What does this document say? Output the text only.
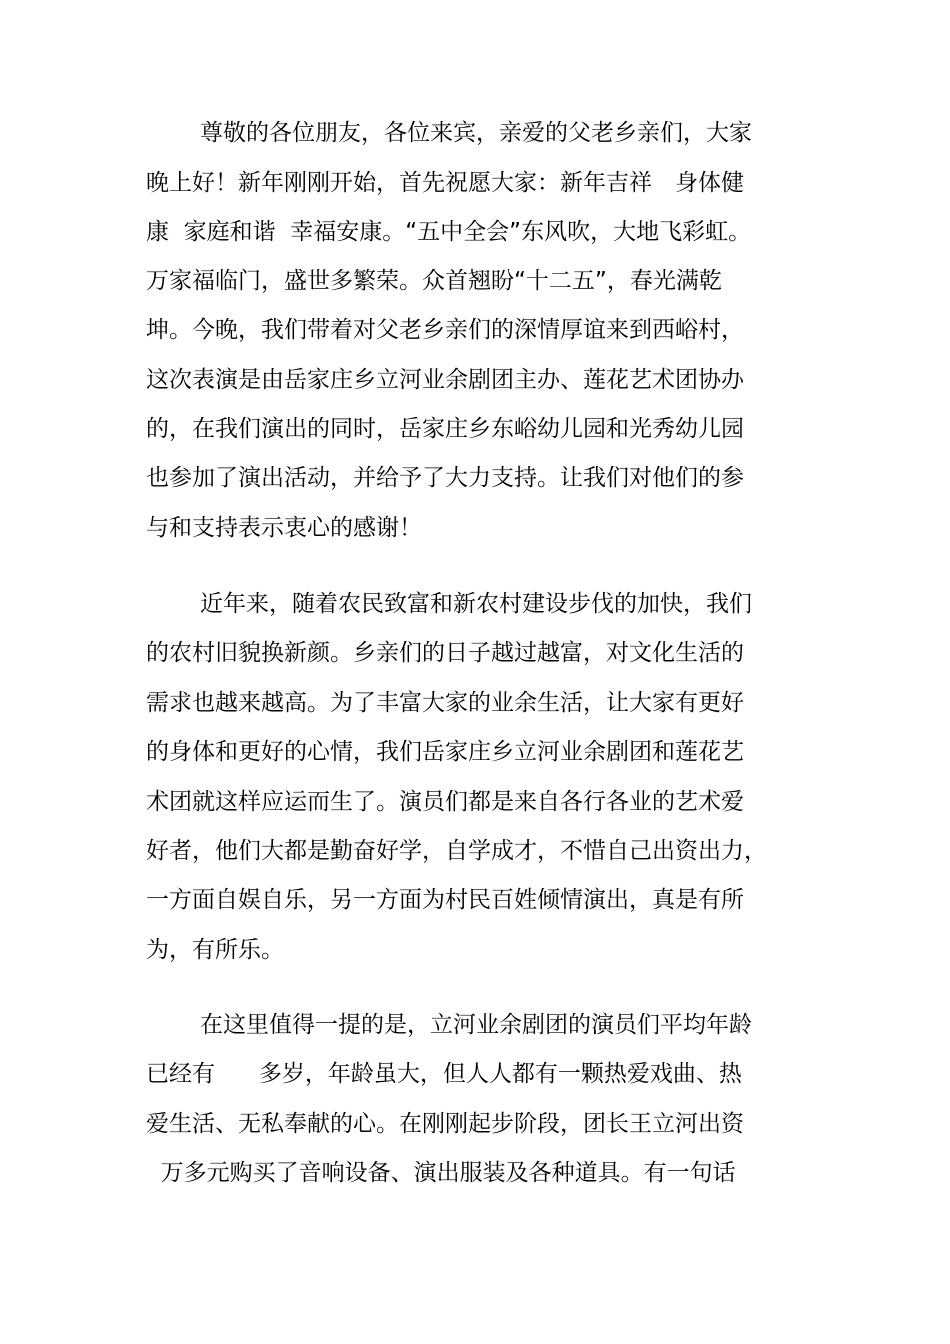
尊敬的各位朋友，各位来宾，亲爱的父老乡亲们，大家
晚上好！新年刚刚开始，首先祝愿大家：新年吉祥　身体健
康  家庭和谐  幸福安康。“五中全会”东风吹，大地飞彩虹。
万家福临门，盛世多繁荣。众首翘盼“十二五”，春光满乾
坤。今晚，我们带着对父老乡亲们的深情厚谊来到西峪村，
这次表演是由岳家庄乡立河业余剧团主办、莲花艺术团协办
的，在我们演出的同时，岳家庄乡东峪幼儿园和光秀幼儿园
也参加了演出活动，并给予了大力支持。让我们对他们的参
与和支持表示衷心的感谢！
近年来，随着农民致富和新农村建设步伐的加快，我们
的农村旧貌换新颜。乡亲们的日子越过越富，对文化生活的
需求也越来越高。为了丰富大家的业余生活，让大家有更好
的身体和更好的心情，我们岳家庄乡立河业余剧团和莲花艺
术团就这样应运而生了。演员们都是来自各行各业的艺术爱
好者，他们大都是勤奋好学，自学成才，不惜自己出资出力，
一方面自娱自乐，另一方面为村民百姓倾情演出，真是有所
为，有所乐。
在这里值得一提的是，立河业余剧团的演员们平均年龄
已经有      多岁，年龄虽大，但人人都有一颗热爱戏曲、热
爱生活、无私奉献的心。在刚刚起步阶段，团长王立河出资
万多元购买了音响设备、演出服装及各种道具。有一句话
